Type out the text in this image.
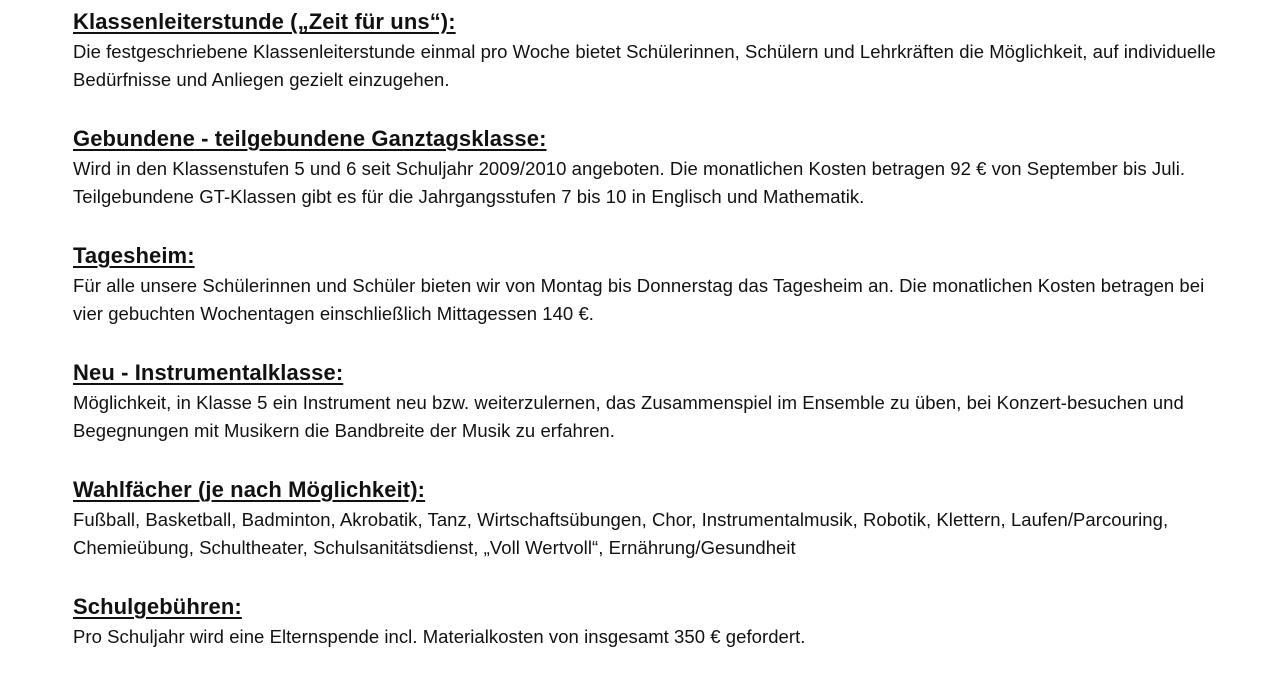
Klassenleiterstunde („Zeit für uns“):

Die festgeschriebene Klassenleiterstunde einmal pro Woche bietet Schülerinnen, Schülern und Lehrkräften die Möglichkeit, auf individuelle Bedürfnisse und Anliegen gezielt einzugehen.

Gebundene - teilgebundene Ganztagsklasse:

Wird in den Klassenstufen 5 und 6 seit Schuljahr 2009/2010 angeboten. Die monatlichen Kosten betragen 92 € von September bis Juli. Teilgebundene GT-Klassen gibt es für die Jahrgangsstufen 7 bis 10 in Englisch und Mathematik.

Tagesheim:

Für alle unsere Schülerinnen und Schüler bieten wir von Montag bis Donnerstag das Tagesheim an. Die monatlichen Kosten betragen bei vier gebuchten Wochentagen einschließlich Mittagessen 140 €.

Neu - Instrumentalklasse:

Möglichkeit, in Klasse 5 ein Instrument neu bzw. weiterzulernen, das Zusammenspiel im Ensemble zu üben, bei Konzert-besuchen und Begegnungen mit Musikern die Bandbreite der Musik zu erfahren.

Wahlfächer (je nach Möglichkeit):

Fußball, Basketball, Badminton, Akrobatik, Tanz, Wirtschaftsübungen, Chor, Instrumentalmusik, Robotik, Klettern, Laufen/Parcouring, Chemieübung, Schultheater, Schulsanitätsdienst, „Voll Wertvoll“, Ernährung/Gesundheit

Schulgebühren:

Pro Schuljahr wird eine Elternspende incl. Materialkosten von insgesamt 350 € gefordert.
